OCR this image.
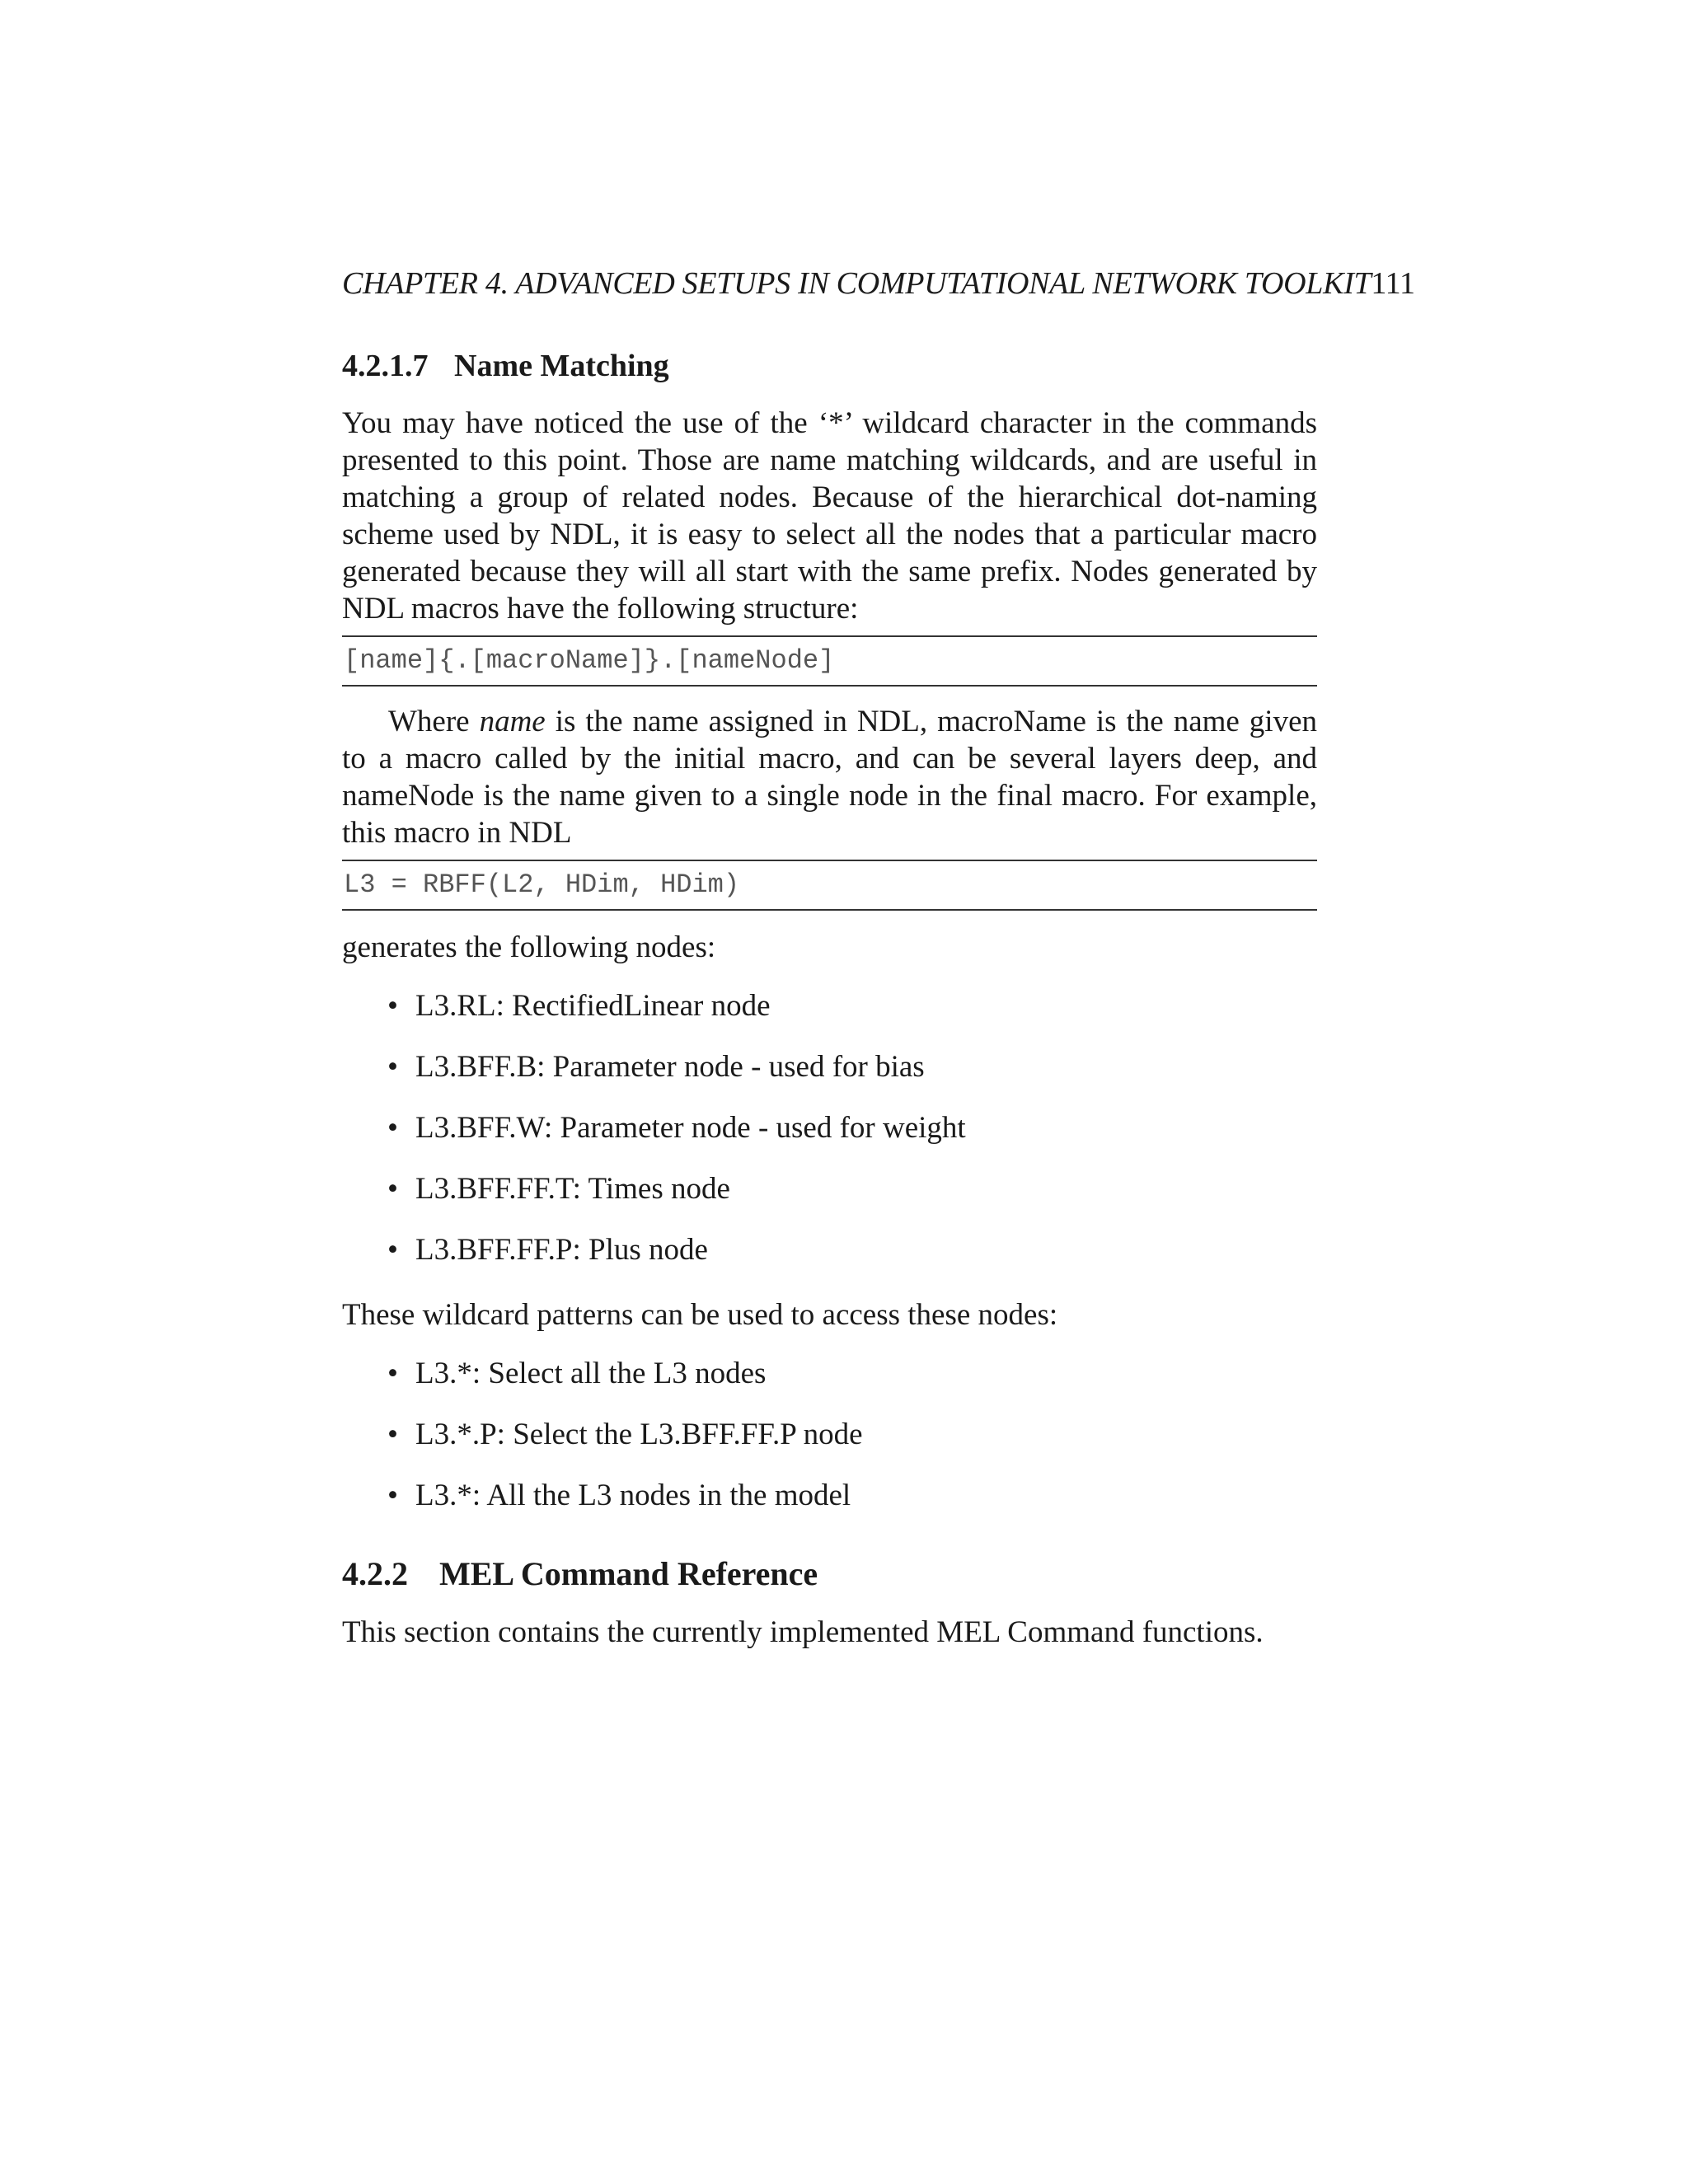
CHAPTER 4. ADVANCED SETUPS IN COMPUTATIONAL NETWORK TOOLKIT111
4.2.1.7 Name Matching
You may have noticed the use of the ‘*’ wildcard character in the commands presented to this point. Those are name matching wildcards, and are useful in matching a group of related nodes. Because of the hierarchical dot-naming scheme used by NDL, it is easy to select all the nodes that a particular macro generated because they will all start with the same prefix. Nodes generated by NDL macros have the following structure:
[name]{.[macroName]}.[nameNode]
Where name is the name assigned in NDL, macroName is the name given to a macro called by the initial macro, and can be several layers deep, and nameNode is the name given to a single node in the final macro. For example, this macro in NDL
L3 = RBFF(L2, HDim, HDim)
generates the following nodes:
• L3.RL: RectifiedLinear node
• L3.BFF.B: Parameter node - used for bias
• L3.BFF.W: Parameter node - used for weight
• L3.BFF.FF.T: Times node
• L3.BFF.FF.P: Plus node
These wildcard patterns can be used to access these nodes:
• L3.*: Select all the L3 nodes
• L3.*.P: Select the L3.BFF.FF.P node
• L3.*: All the L3 nodes in the model
4.2.2 MEL Command Reference
This section contains the currently implemented MEL Command functions.
